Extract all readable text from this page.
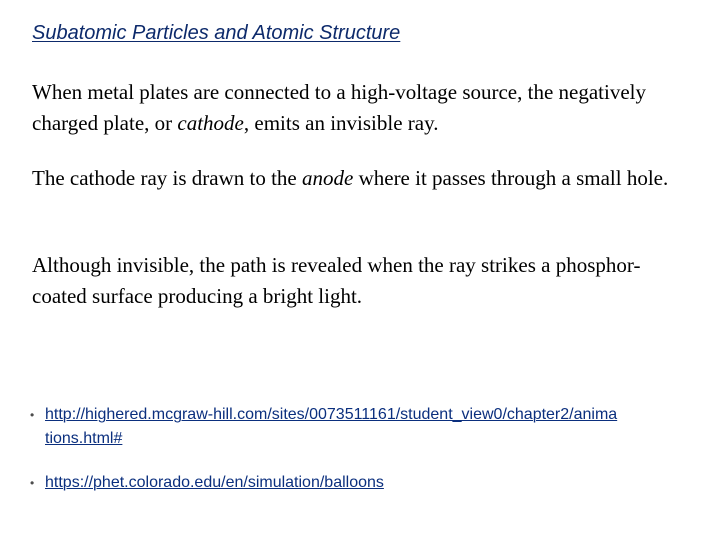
Subatomic Particles and Atomic Structure

When metal plates are connected to a high-voltage source, the negatively charged plate, or cathode, emits an invisible ray.

The cathode ray is drawn to the anode where it passes through a small hole.

Although invisible, the path is revealed when the ray strikes a phosphor-coated surface producing a bright light.

• http://highered.mcgraw-hill.com/sites/0073511161/student_view0/chapter2/animations.html#
• https://phet.colorado.edu/en/simulation/balloons
